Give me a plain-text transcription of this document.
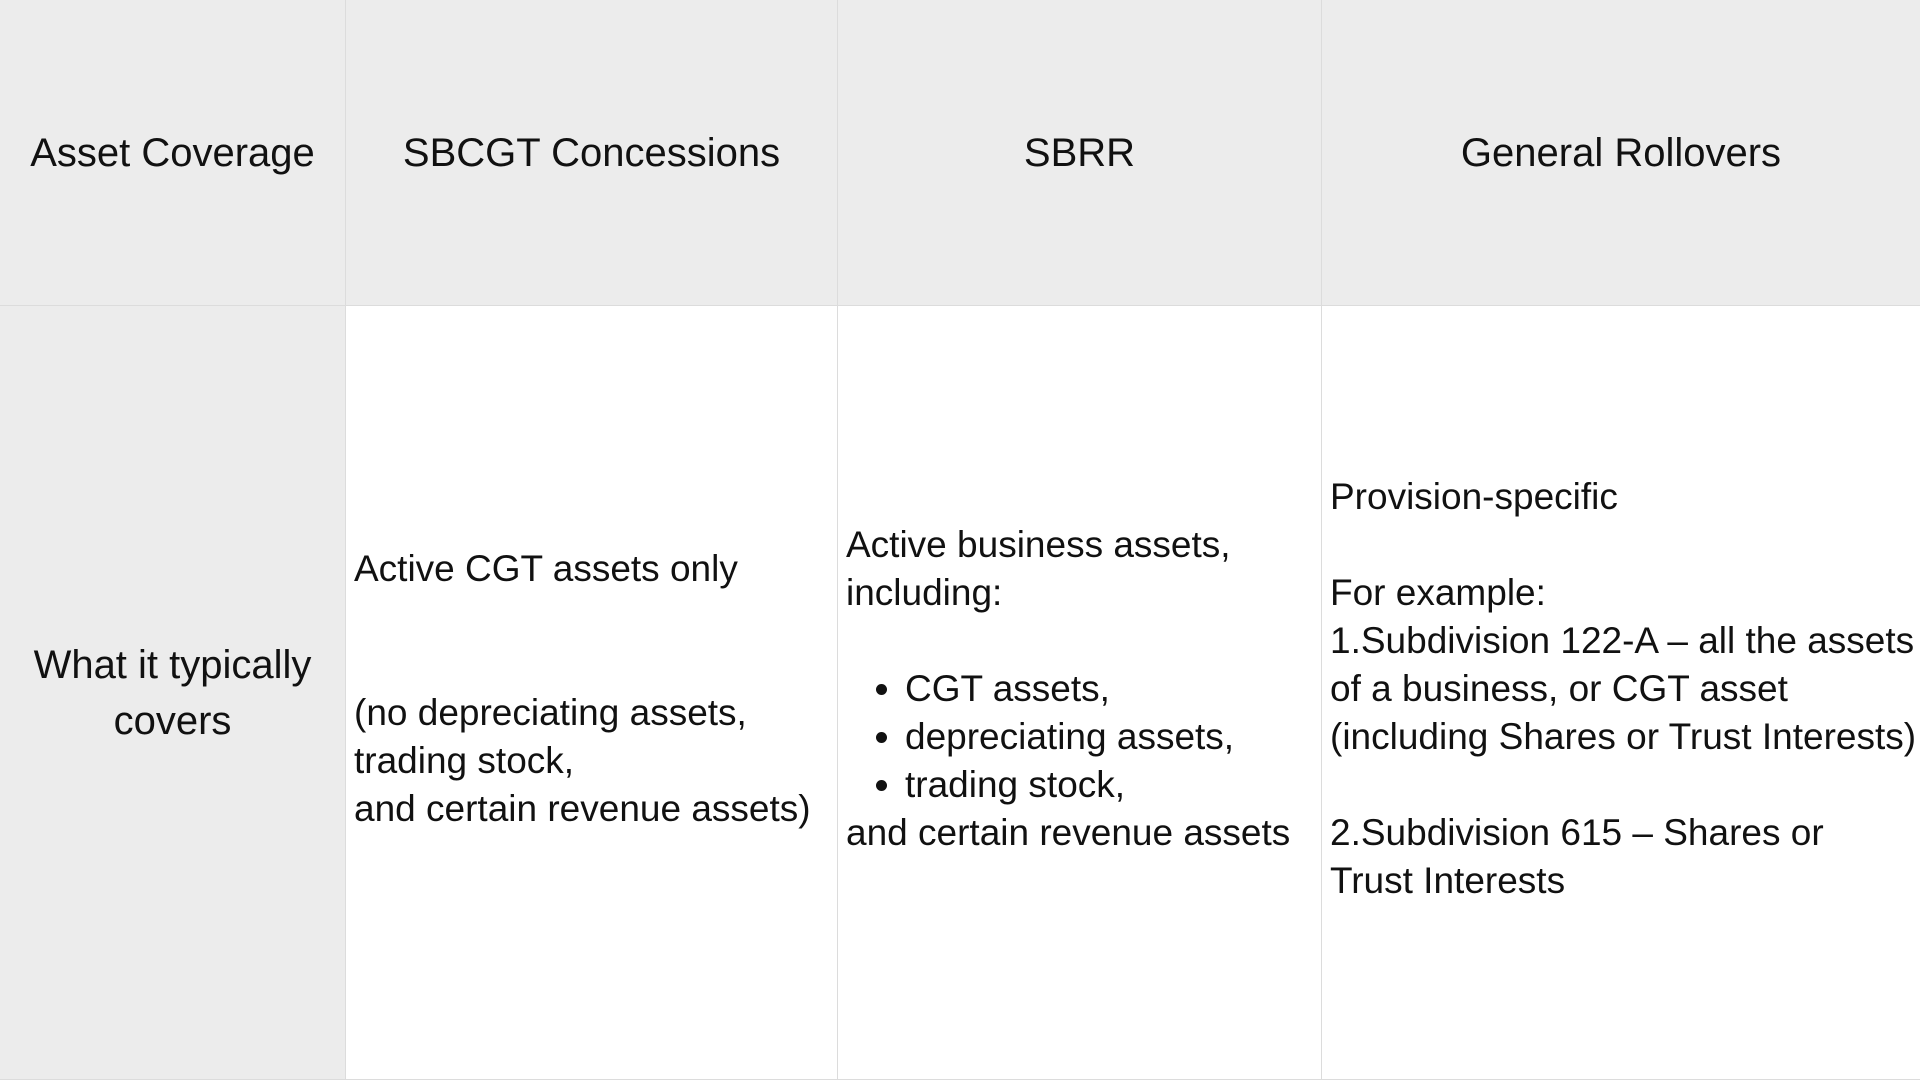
Asset Coverage SBCGT Concessions	SBRR	General Rollovers
What it typically covers
Active CGT assets only
(no depreciating assets,
trading stock,
and certain revenue assets)
Active business assets,
including:
• CGT assets,
• depreciating assets,
• trading stock,
and certain revenue assets
Provision-specific
For example:
1.Subdivision 122-A – all the assets
of a business, or CGT asset
(including Shares or Trust Interests)
2.Subdivision 615 – Shares or
Trust Interests
